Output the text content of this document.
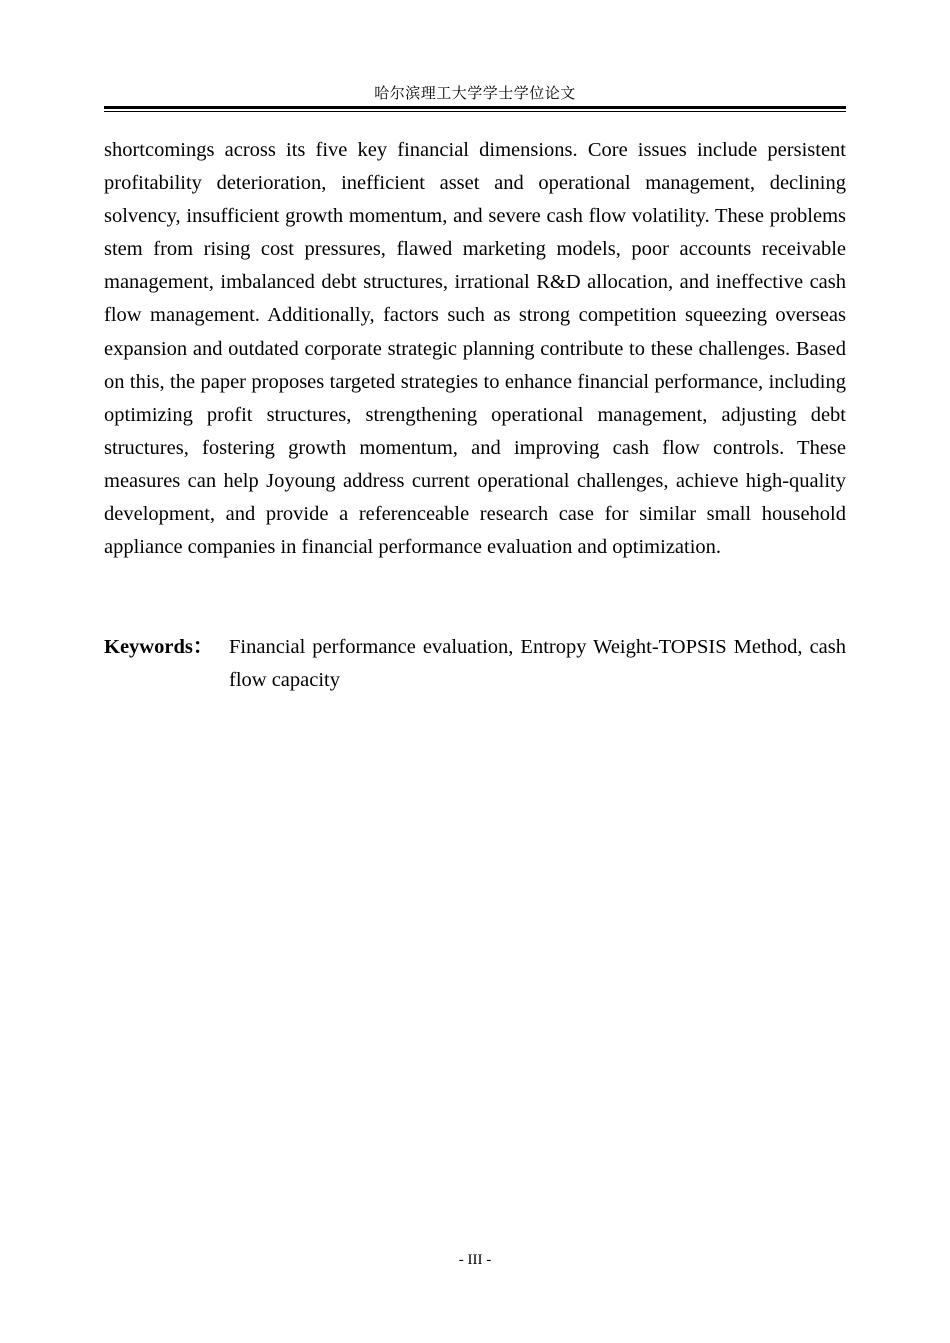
哈尔滨理工大学学士学位论文

shortcomings across its five key financial dimensions. Core issues include persistent profitability deterioration, inefficient asset and operational management, declining solvency, insufficient growth momentum, and severe cash flow volatility. These problems stem from rising cost pressures, flawed marketing models, poor accounts receivable management, imbalanced debt structures, irrational R&D allocation, and ineffective cash flow management. Additionally, factors such as strong competition squeezing overseas expansion and outdated corporate strategic planning contribute to these challenges. Based on this, the paper proposes targeted strategies to enhance financial performance, including optimizing profit structures, strengthening operational management, adjusting debt structures, fostering growth momentum, and improving cash flow controls. These measures can help Joyoung address current operational challenges, achieve high-quality development, and provide a referenceable research case for similar small household appliance companies in financial performance evaluation and optimization.

Keywords： Financial performance evaluation, Entropy Weight-TOPSIS Method, cash flow capacity
- III -
